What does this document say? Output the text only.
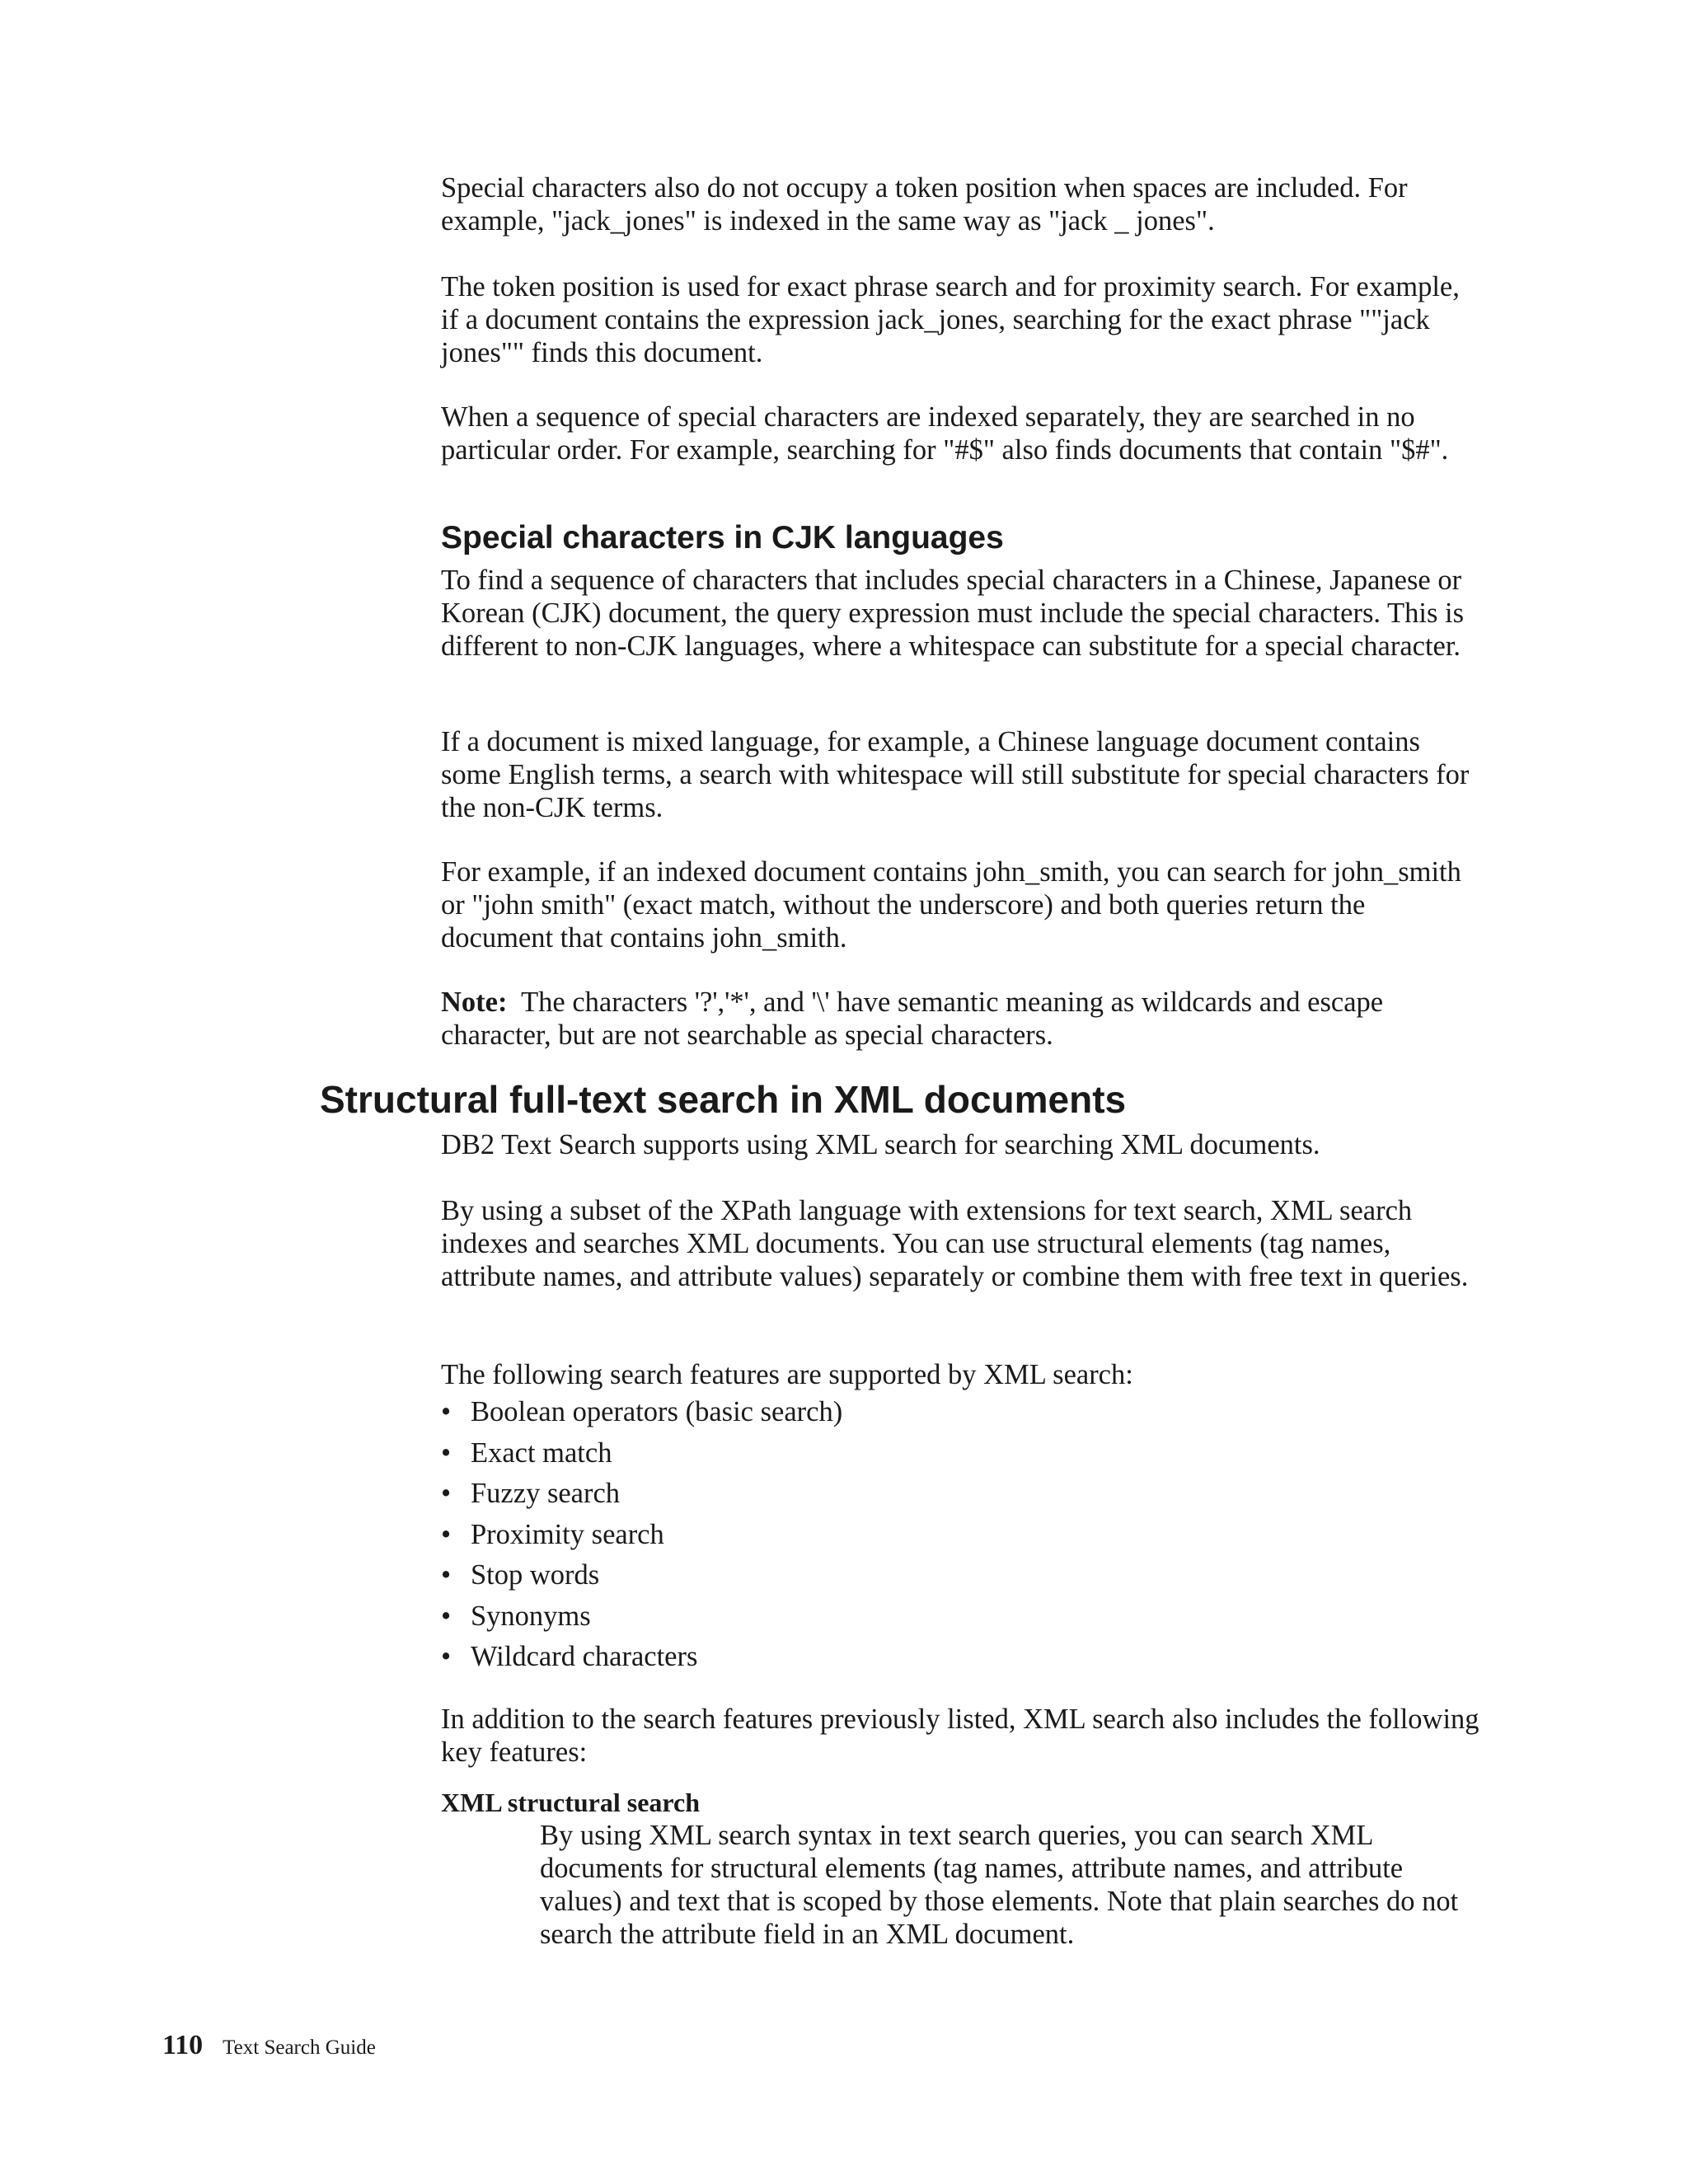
Special characters also do not occupy a token position when spaces are included. For example, "jack_jones" is indexed in the same way as "jack _ jones".

The token position is used for exact phrase search and for proximity search. For example, if a document contains the expression jack_jones, searching for the exact phrase ""jack jones"" finds this document.

When a sequence of special characters are indexed separately, they are searched in no particular order. For example, searching for "#$" also finds documents that contain "$#".

Special characters in CJK languages

To find a sequence of characters that includes special characters in a Chinese, Japanese or Korean (CJK) document, the query expression must include the special characters. This is different to non-CJK languages, where a whitespace can substitute for a special character.

If a document is mixed language, for example, a Chinese language document contains some English terms, a search with whitespace will still substitute for special characters for the non-CJK terms.

For example, if an indexed document contains john_smith, you can search for john_smith or "john smith" (exact match, without the underscore) and both queries return the document that contains john_smith.

Note: The characters '?','*', and '\' have semantic meaning as wildcards and escape character, but are not searchable as special characters.

Structural full-text search in XML documents

DB2 Text Search supports using XML search for searching XML documents.

By using a subset of the XPath language with extensions for text search, XML search indexes and searches XML documents. You can use structural elements (tag names, attribute names, and attribute values) separately or combine them with free text in queries.

The following search features are supported by XML search:

• Boolean operators (basic search)
• Exact match
• Fuzzy search
• Proximity search
• Stop words
• Synonyms
• Wildcard characters

In addition to the search features previously listed, XML search also includes the following key features:

XML structural search

By using XML search syntax in text search queries, you can search XML documents for structural elements (tag names, attribute names, and attribute values) and text that is scoped by those elements. Note that plain searches do not search the attribute field in an XML document.

110 Text Search Guide
